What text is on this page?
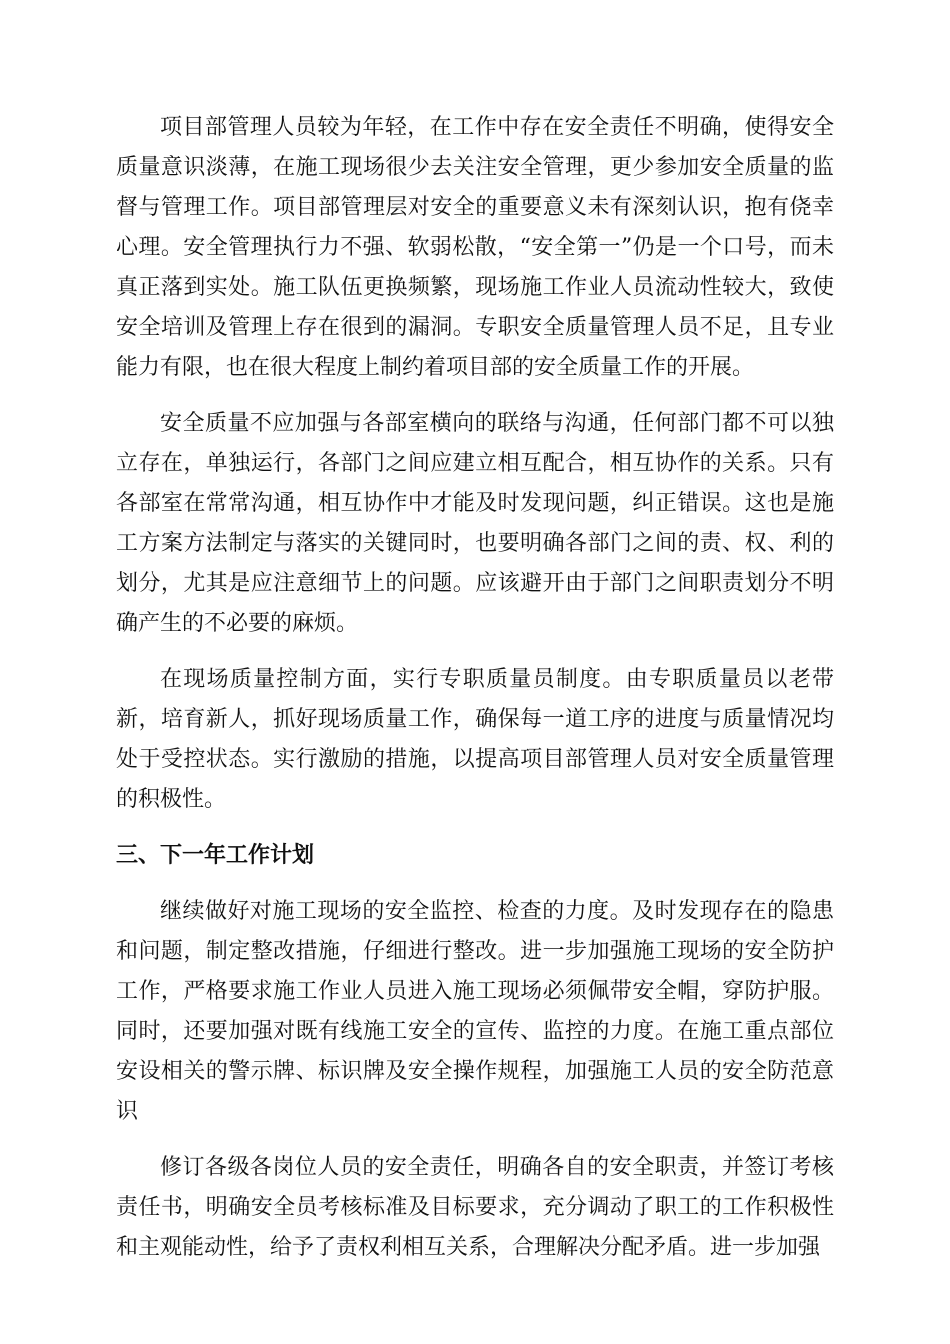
项目部管理人员较为年轻，在工作中存在安全责任不明确，使得安全质量意识淡薄，在施工现场很少去关注安全管理，更少参加安全质量的监督与管理工作。项目部管理层对安全的重要意义未有深刻认识，抱有侥幸心理。安全管理执行力不强、软弱松散，“安全第一”仍是一个口号，而未真正落到实处。施工队伍更换频繁，现场施工作业人员流动性较大，致使安全培训及管理上存在很到的漏洞。专职安全质量管理人员不足，且专业能力有限，也在很大程度上制约着项目部的安全质量工作的开展。

安全质量不应加强与各部室横向的联络与沟通，任何部门都不可以独立存在，单独运行，各部门之间应建立相互配合，相互协作的关系。只有各部室在常常沟通，相互协作中才能及时发现问题，纠正错误。这也是施工方案方法制定与落实的关键同时，也要明确各部门之间的责、权、利的划分，尤其是应注意细节上的问题。应该避开由于部门之间职责划分不明确产生的不必要的麻烦。

在现场质量控制方面，实行专职质量员制度。由专职质量员以老带新，培育新人，抓好现场质量工作，确保每一道工序的进度与质量情况均处于受控状态。实行激励的措施，以提高项目部管理人员对安全质量管理的积极性。

三、下一年工作计划

继续做好对施工现场的安全监控、检查的力度。及时发现存在的隐患和问题，制定整改措施，仔细进行整改。进一步加强施工现场的安全防护工作，严格要求施工作业人员进入施工现场必须佩带安全帽，穿防护服。同时，还要加强对既有线施工安全的宣传、监控的力度。在施工重点部位安设相关的警示牌、标识牌及安全操作规程，加强施工人员的安全防范意识

修订各级各岗位人员的安全责任，明确各自的安全职责，并签订考核责任书，明确安全员考核标准及目标要求，充分调动了职工的工作积极性和主观能动性，给予了责权利相互关系，合理解决分配矛盾。进一步加强
